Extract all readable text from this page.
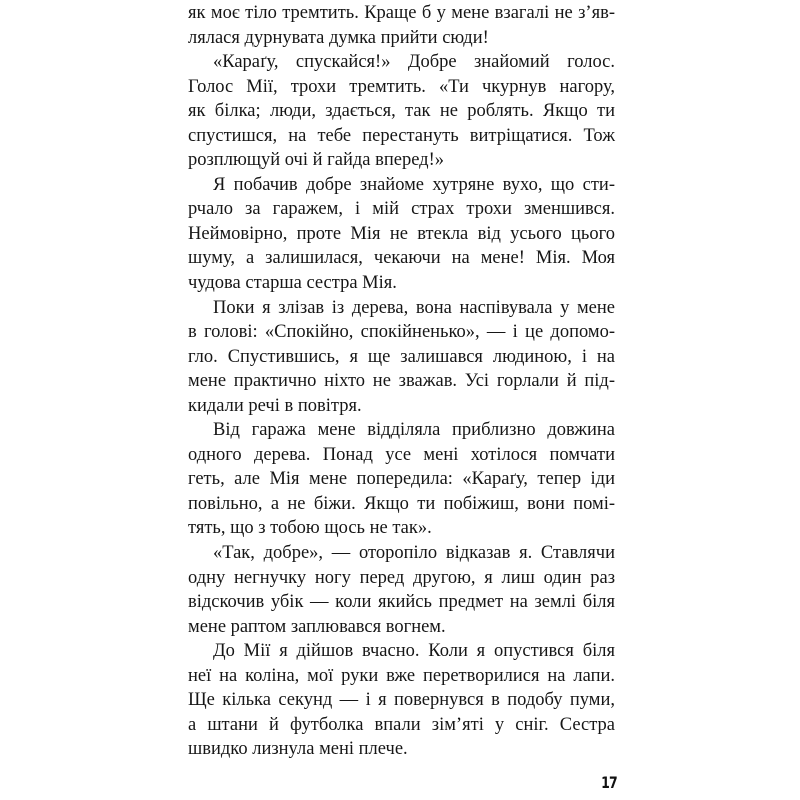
як моє тіло тремтить. Краще б у мене взагалі не з’яв-
лялася дурнувата думка прийти сюди!
«Караґу, спускайся!» Добре знайомий голос.
Голос Мії, трохи тремтить. «Ти чкурнув нагору,
як білка; люди, здається, так не роблять. Якщо ти
спустишся, на тебе перестануть витріщатися. Тож
розплющуй очі й гайда вперед!»
Я побачив добре знайоме хутряне вухо, що сти-
рчало за гаражем, і мій страх трохи зменшився.
Неймовірно, проте Мія не втекла від усього цього
шуму, а залишилася, чекаючи на мене! Мія. Моя
чудова старша сестра Мія.
Поки я злізав із дерева, вона наспівувала у мене
в голові: «Спокійно, спокійненько», — і це допомо-
гло. Спустившись, я ще залишався людиною, і на
мене практично ніхто не зважав. Усі горлали й під-
кидали речі в повітря.
Від гаража мене відділяла приблизно довжина
одного дерева. Понад усе мені хотілося помчати
геть, але Мія мене попередила: «Караґу, тепер іди
повільно, а не біжи. Якщо ти побіжиш, вони помі-
тять, що з тобою щось не так».
«Так, добре», — оторопіло відказав я. Ставлячи
одну негнучку ногу перед другою, я лиш один раз
відскочив убік — коли якийсь предмет на землі біля
мене раптом заплювався вогнем.
До Мії я дійшов вчасно. Коли я опустився біля
неї на коліна, мої руки вже перетворилися на лапи.
Ще кілька секунд — і я повернувся в подобу пуми,
а штани й футболка впали зім’яті у сніг. Сестра
швидко лизнула мені плече.
17
